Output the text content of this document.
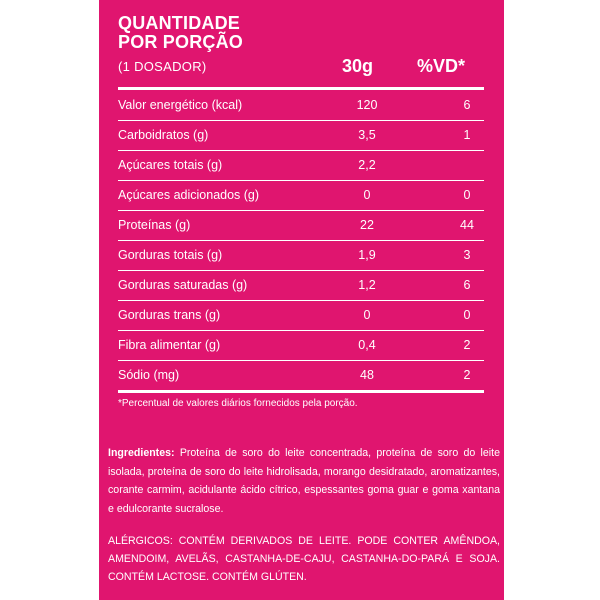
QUANTIDADE
POR PORÇÃO
(1 DOSADOR)	30g %VD*
Valor energético (kcal)	120	6
Carboidratos (g)	3,5	1
Açúcares totais (g)	2,2
Açúcares adicionados (g)	0	0
Proteínas (g)	22	44
Gorduras totais (g)	1,9	3
Gorduras saturadas (g)	1,2	6
Gorduras trans (g)	0	0
Fibra alimentar (g)	0,4	2
Sódio (mg)	48	2
*Percentual de valores diários fornecidos pela porção.
Ingredientes: Proteína de soro do leite concentrada, proteína de soro do leite isolada, proteína de soro do leite hidrolisada, morango desidratado, aromatizantes, corante carmim, acidulante ácido cítrico, espessantes goma guar e goma xantana e edulcorante sucralose.
ALÉRGICOS: CONTÉM DERIVADOS DE LEITE. PODE CONTER AMÊNDOA, AMENDOIM, AVELÃS, CASTANHA-DE-CAJU, CASTANHA-DO-PARÁ E SOJA. CONTÉM LACTOSE. CONTÉM GLÚTEN.
